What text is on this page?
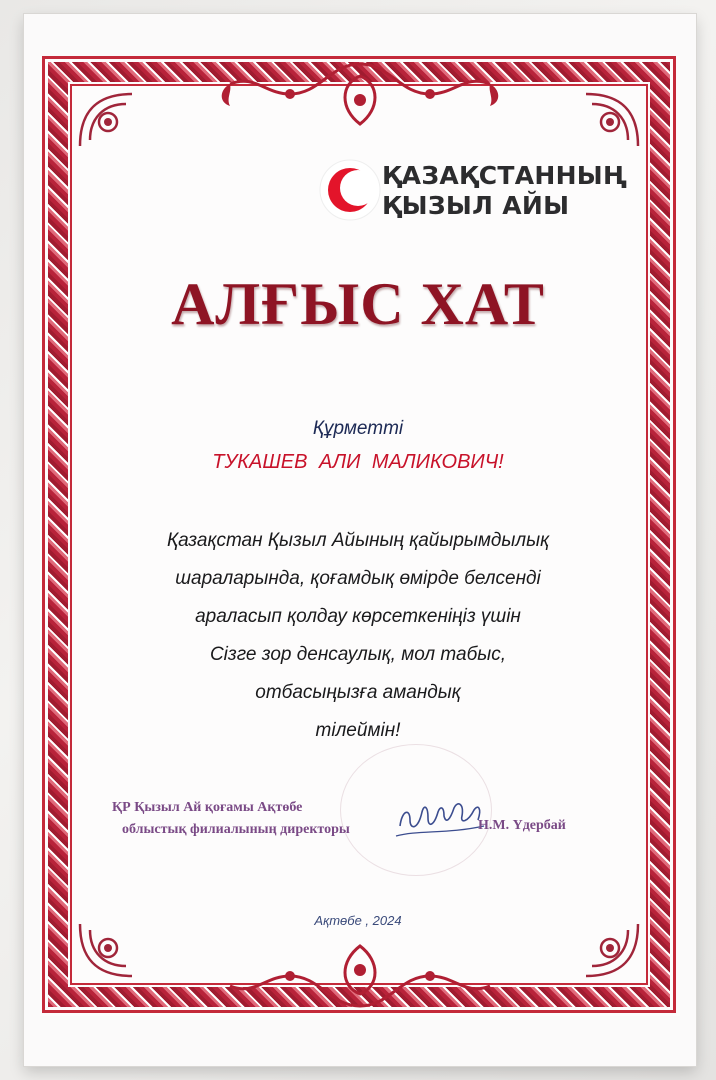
ҚАЗАҚСТАННЫҢ
ҚЫЗЫЛ АЙЫ
АЛҒЫС ХАТ
Құрметті
ТУКАШЕВ АЛИ МАЛИКОВИЧ!
Қазақстан Қызыл Айының қайырымдылық
шараларында, қоғамдық өмірде белсенді
араласып қолдау көрсеткеніңіз үшін
Сізге зор денсаулық, мол табыс,
отбасыңызға амандық
тілеймін!
ҚР Қызыл Ай қоғамы Ақтөбе
облыстық филиалының директоры	Н.М. Үдербай
Ақтөбе , 2024
